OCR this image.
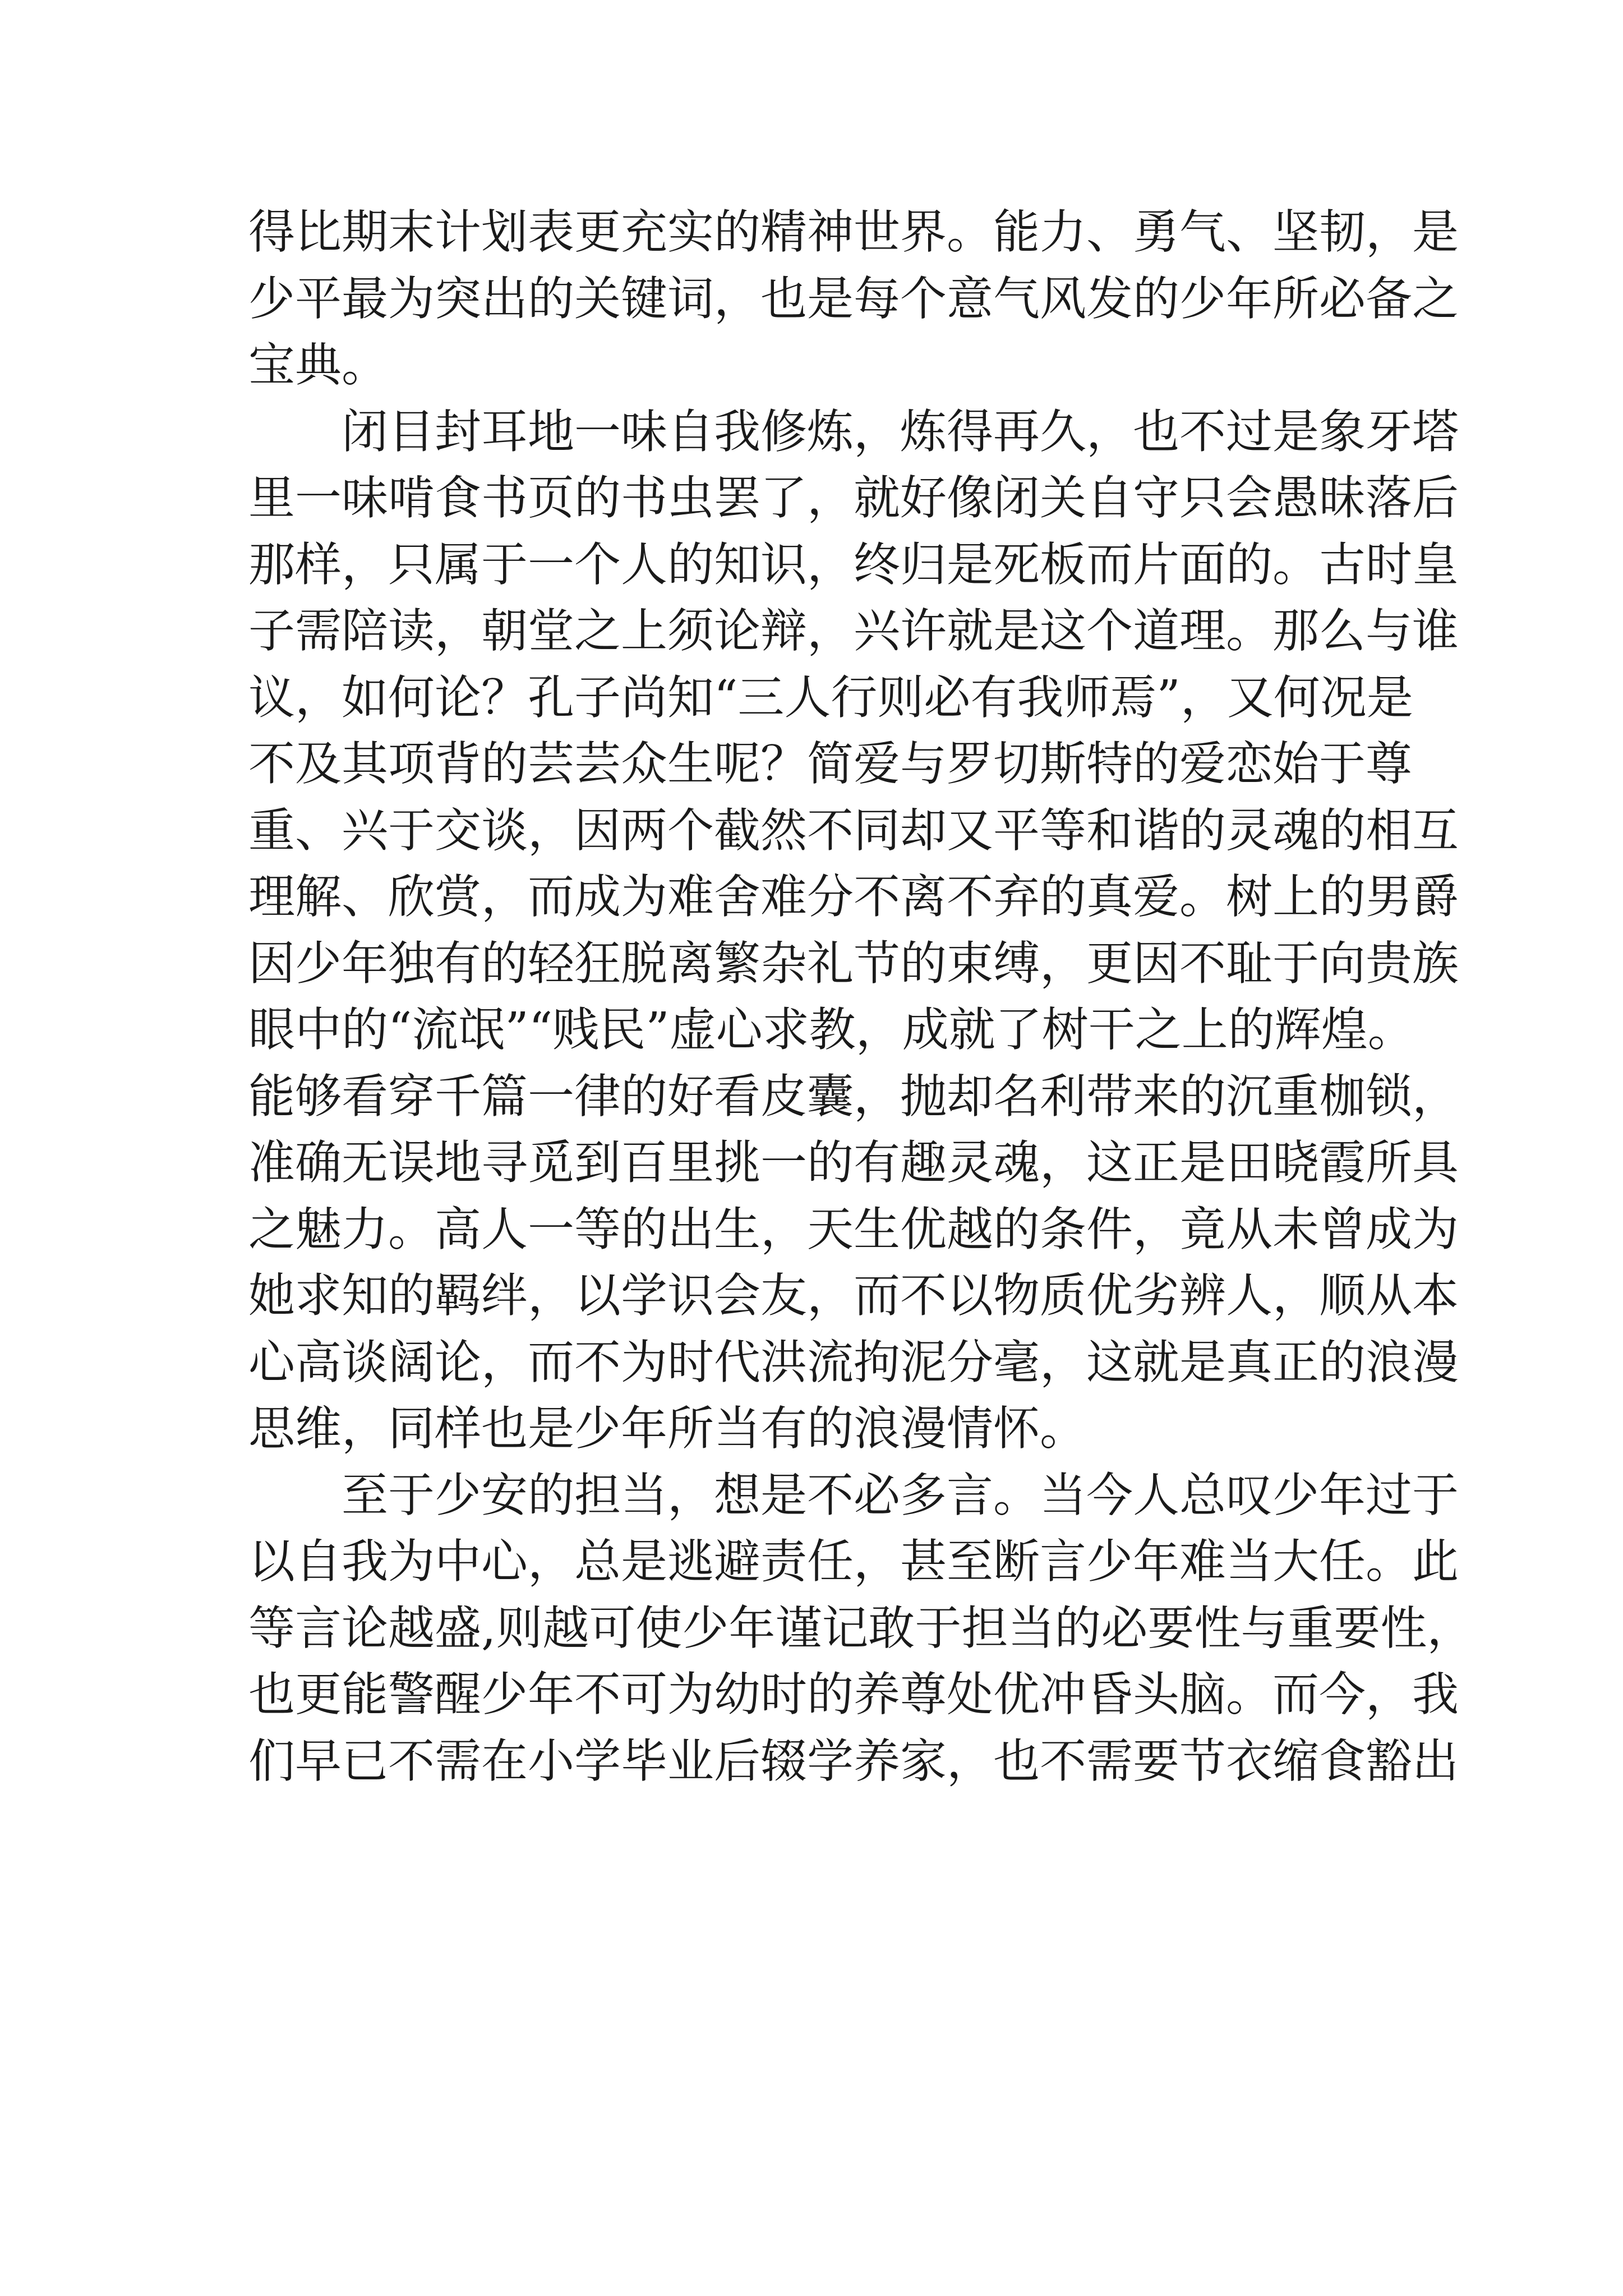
得比期末计划表更充实的精神世界。能力、勇气、坚韧，是
少平最为突出的关键词，也是每个意气风发的少年所必备之
宝典。

闭目封耳地一味自我修炼，炼得再久，也不过是象牙塔
里一味啃食书页的书虫罢了，就好像闭关自守只会愚昧落后
那样，只属于一个人的知识，终归是死板而片面的。古时皇
子需陪读，朝堂之上须论辩，兴许就是这个道理。那么与谁
议，如何论？孔子尚知“三人行则必有我师焉”，又何况是
不及其项背的芸芸众生呢？简爱与罗切斯特的爱恋始于尊
重、兴于交谈，因两个截然不同却又平等和谐的灵魂的相互
理解、欣赏，而成为难舍难分不离不弃的真爱。树上的男爵
因少年独有的轻狂脱离繁杂礼节的束缚，更因不耻于向贵族
眼中的“流氓”“贱民”虚心求教，成就了树干之上的辉煌。
能够看穿千篇一律的好看皮囊，抛却名利带来的沉重枷锁，
准确无误地寻觅到百里挑一的有趣灵魂，这正是田晓霞所具
之魅力。高人一等的出生，天生优越的条件，竟从未曾成为
她求知的羁绊，以学识会友，而不以物质优劣辨人，顺从本
心高谈阔论，而不为时代洪流拘泥分毫，这就是真正的浪漫
思维，同样也是少年所当有的浪漫情怀。

至于少安的担当，想是不必多言。当今人总叹少年过于
以自我为中心，总是逃避责任，甚至断言少年难当大任。此
等言论越盛,则越可使少年谨记敢于担当的必要性与重要性，
也更能警醒少年不可为幼时的养尊处优冲昏头脑。而今，我
们早已不需在小学毕业后辍学养家，也不需要节衣缩食豁出
